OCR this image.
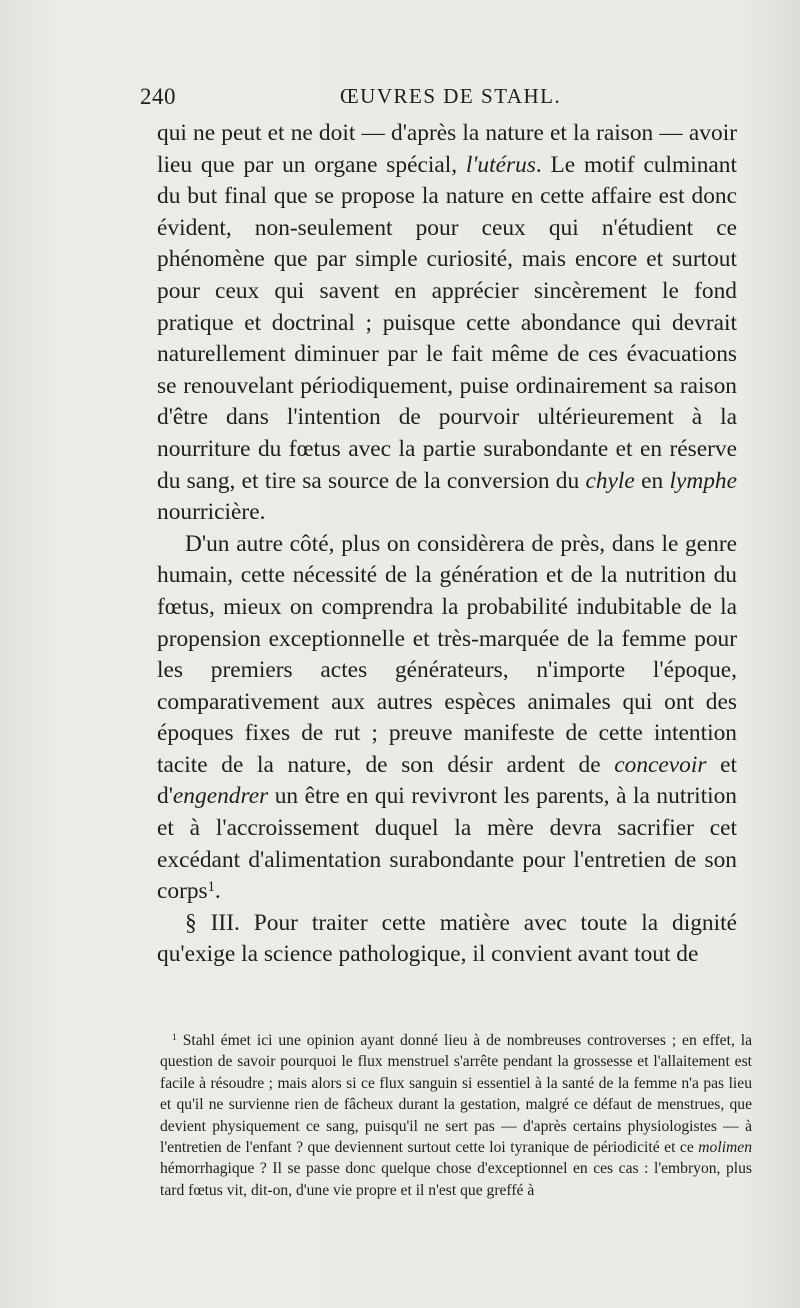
240	ŒUVRES DE STAHL.

qui ne peut et ne doit — d'après la nature et la raison — avoir lieu que par un organe spécial, l'utérus. Le motif culminant du but final que se propose la nature en cette affaire est donc évident, non-seulement pour ceux qui n'étudient ce phénomène que par simple curiosité, mais encore et surtout pour ceux qui savent en apprécier sincèrement le fond pratique et doctrinal ; puisque cette abondance qui devrait naturellement diminuer par le fait même de ces évacuations se renouvelant périodiquement, puise ordinairement sa raison d'être dans l'intention de pourvoir ultérieurement à la nourriture du fœtus avec la partie surabondante et en réserve du sang, et tire sa source de la conversion du chyle en lymphe nourricière.

D'un autre côté, plus on considèrera de près, dans le genre humain, cette nécessité de la génération et de la nutrition du fœtus, mieux on comprendra la probabilité indubitable de la propension exceptionnelle et très-marquée de la femme pour les premiers actes générateurs, n'importe l'époque, comparativement aux autres espèces animales qui ont des époques fixes de rut ; preuve manifeste de cette intention tacite de la nature, de son désir ardent de concevoir et d'engendrer un être en qui revivront les parents, à la nutrition et à l'accroissement duquel la mère devra sacrifier cet excédant d'alimentation surabondante pour l'entretien de son corps$^1$.

§ III. Pour traiter cette matière avec toute la dignité qu'exige la science pathologique, il convient avant tout de

$^1$ Stahl émet ici une opinion ayant donné lieu à de nombreuses controverses ; en effet, la question de savoir pourquoi le flux menstruel s'arrête pendant la grossesse et l'allaitement est facile à résoudre ; mais alors si ce flux sanguin si essentiel à la santé de la femme n'a pas lieu et qu'il ne survienne rien de fâcheux durant la gestation, malgré ce défaut de menstrues, que devient physiquement ce sang, puisqu'il ne sert pas — d'après certains physiologistes — à l'entretien de l'enfant ? que deviennent surtout cette loi tyranique de périodicité et ce molimen hémorrhagique ? Il se passe donc quelque chose d'exceptionnel en ces cas : l'embryon, plus tard fœtus vit, dit-on, d'une vie propre et il n'est que greffé à
